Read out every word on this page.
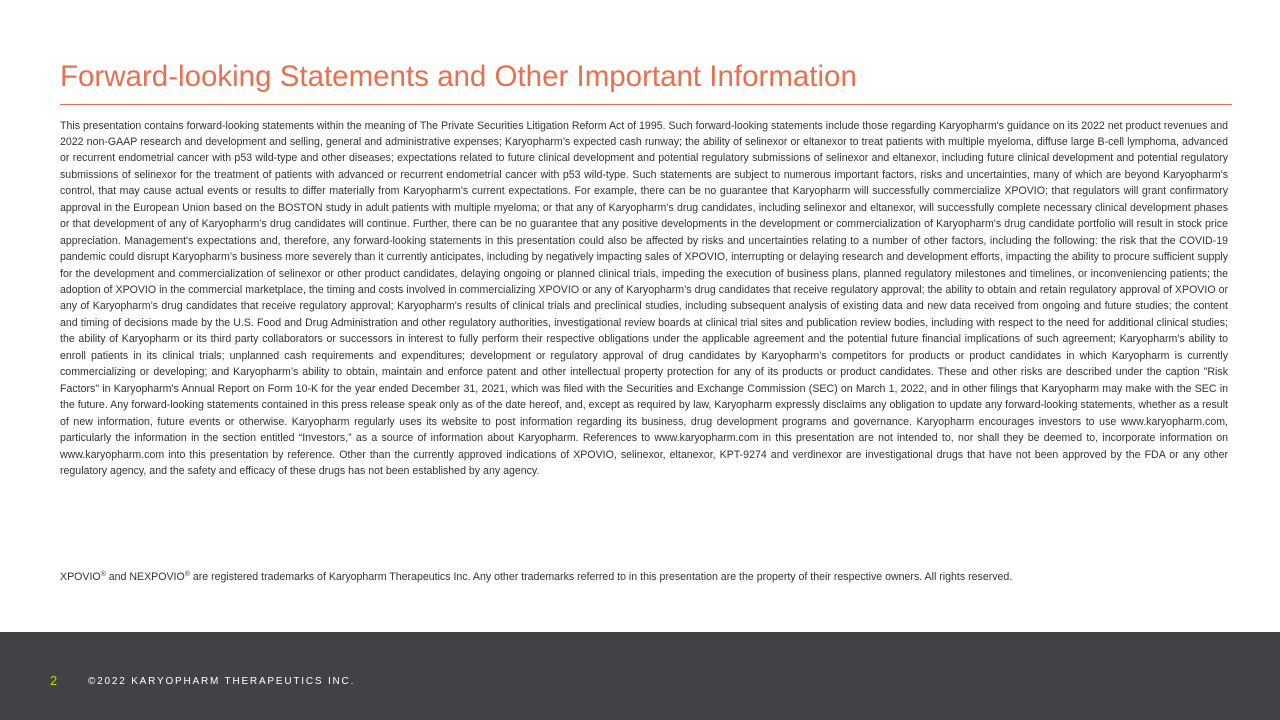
Forward-looking Statements and Other Important Information

This presentation contains forward-looking statements within the meaning of The Private Securities Litigation Reform Act of 1995. Such forward-looking statements include those regarding Karyopharm's guidance on its 2022 net product revenues and 2022 non-GAAP research and development and selling, general and administrative expenses; Karyopharm’s expected cash runway; the ability of selinexor or eltanexor to treat patients with multiple myeloma, diffuse large B-cell lymphoma, advanced or recurrent endometrial cancer with p53 wild-type and other diseases; expectations related to future clinical development and potential regulatory submissions of selinexor and eltanexor, including future clinical development and potential regulatory submissions of selinexor for the treatment of patients with advanced or recurrent endometrial cancer with p53 wild-type. Such statements are subject to numerous important factors, risks and uncertainties, many of which are beyond Karyopharm's control, that may cause actual events or results to differ materially from Karyopharm's current expectations. For example, there can be no guarantee that Karyopharm will successfully commercialize XPOVIO; that regulators will grant confirmatory approval in the European Union based on the BOSTON study in adult patients with multiple myeloma; or that any of Karyopharm’s drug candidates, including selinexor and eltanexor, will successfully complete necessary clinical development phases or that development of any of Karyopharm’s drug candidates will continue. Further, there can be no guarantee that any positive developments in the development or commercialization of Karyopharm's drug candidate portfolio will result in stock price appreciation. Management's expectations and, therefore, any forward-looking statements in this presentation could also be affected by risks and uncertainties relating to a number of other factors, including the following: the risk that the COVID-19 pandemic could disrupt Karyopharm’s business more severely than it currently anticipates, including by negatively impacting sales of XPOVIO, interrupting or delaying research and development efforts, impacting the ability to procure sufficient supply for the development and commercialization of selinexor or other product candidates, delaying ongoing or planned clinical trials, impeding the execution of business plans, planned regulatory milestones and timelines, or inconveniencing patients; the adoption of XPOVIO in the commercial marketplace, the timing and costs involved in commercializing XPOVIO or any of Karyopharm’s drug candidates that receive regulatory approval; the ability to obtain and retain regulatory approval of XPOVIO or any of Karyopharm’s drug candidates that receive regulatory approval; Karyopharm's results of clinical trials and preclinical studies, including subsequent analysis of existing data and new data received from ongoing and future studies; the content and timing of decisions made by the U.S. Food and Drug Administration and other regulatory authorities, investigational review boards at clinical trial sites and publication review bodies, including with respect to the need for additional clinical studies; the ability of Karyopharm or its third party collaborators or successors in interest to fully perform their respective obligations under the applicable agreement and the potential future financial implications of such agreement; Karyopharm's ability to enroll patients in its clinical trials; unplanned cash requirements and expenditures; development or regulatory approval of drug candidates by Karyopharm’s competitors for products or product candidates in which Karyopharm is currently commercializing or developing; and Karyopharm’s ability to obtain, maintain and enforce patent and other intellectual property protection for any of its products or product candidates. These and other risks are described under the caption "Risk Factors" in Karyopharm's Annual Report on Form 10-K for the year ended December 31, 2021, which was filed with the Securities and Exchange Commission (SEC) on March 1, 2022, and in other filings that Karyopharm may make with the SEC in the future. Any forward-looking statements contained in this press release speak only as of the date hereof, and, except as required by law, Karyopharm expressly disclaims any obligation to update any forward-looking statements, whether as a result of new information, future events or otherwise. Karyopharm regularly uses its website to post information regarding its business, drug development programs and governance. Karyopharm encourages investors to use www.karyopharm.com, particularly the information in the section entitled “Investors,” as a source of information about Karyopharm. References to www.karyopharm.com in this presentation are not intended to, nor shall they be deemed to, incorporate information on www.karyopharm.com into this presentation by reference. Other than the currently approved indications of XPOVIO, selinexor, eltanexor, KPT-9274 and verdinexor are investigational drugs that have not been approved by the FDA or any other regulatory agency, and the safety and efficacy of these drugs has not been established by any agency.

XPOVIO® and NEXPOVIO® are registered trademarks of Karyopharm Therapeutics Inc. Any other trademarks referred to in this presentation are the property of their respective owners. All rights reserved.

2	©2022 KARYOPHARM THERAPEUTICS INC.
